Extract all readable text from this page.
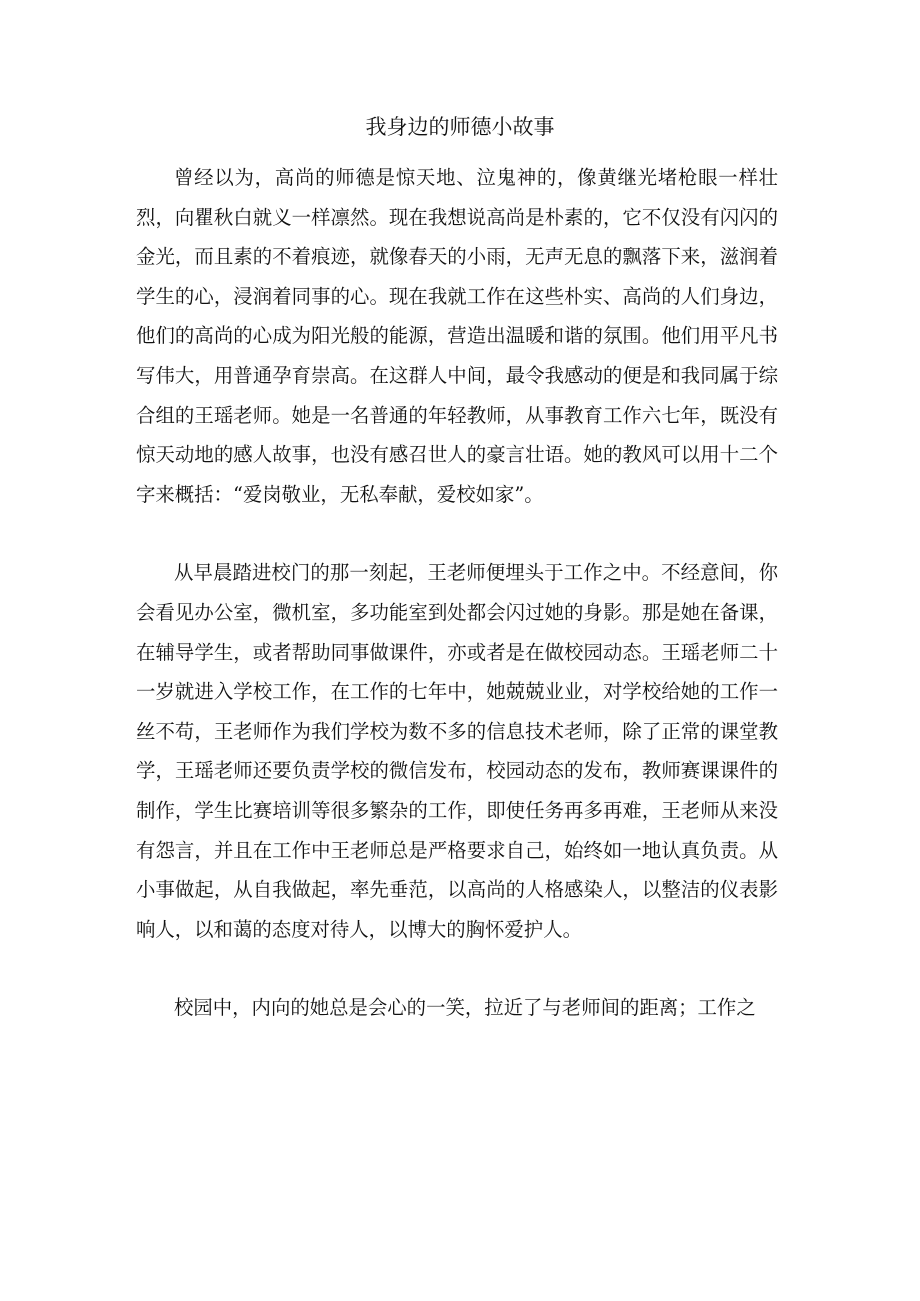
我身边的师德小故事

曾经以为，高尚的师德是惊天地、泣鬼神的，像黄继光堵枪眼一样壮烈，向瞿秋白就义一样凛然。现在我想说高尚是朴素的，它不仅没有闪闪的金光，而且素的不着痕迹，就像春天的小雨，无声无息的飘落下来，滋润着学生的心，浸润着同事的心。现在我就工作在这些朴实、高尚的人们身边，他们的高尚的心成为阳光般的能源，营造出温暖和谐的氛围。他们用平凡书写伟大，用普通孕育崇高。在这群人中间，最令我感动的便是和我同属于综合组的王瑶老师。她是一名普通的年轻教师，从事教育工作六七年，既没有惊天动地的感人故事，也没有感召世人的豪言壮语。她的教风可以用十二个字来概括：“爱岗敬业，无私奉献，爱校如家”。

从早晨踏进校门的那一刻起，王老师便埋头于工作之中。不经意间，你会看见办公室，微机室，多功能室到处都会闪过她的身影。那是她在备课，在辅导学生，或者帮助同事做课件，亦或者是在做校园动态。王瑶老师二十一岁就进入学校工作，在工作的七年中，她兢兢业业，对学校给她的工作一丝不苟，王老师作为我们学校为数不多的信息技术老师，除了正常的课堂教学，王瑶老师还要负责学校的微信发布，校园动态的发布，教师赛课课件的制作，学生比赛培训等很多繁杂的工作，即使任务再多再难，王老师从来没有怨言，并且在工作中王老师总是严格要求自己，始终如一地认真负责。从小事做起，从自我做起，率先垂范，以高尚的人格感染人，以整洁的仪表影响人，以和蔼的态度对待人，以博大的胸怀爱护人。

校园中，内向的她总是会心的一笑，拉近了与老师间的距离；工作之
